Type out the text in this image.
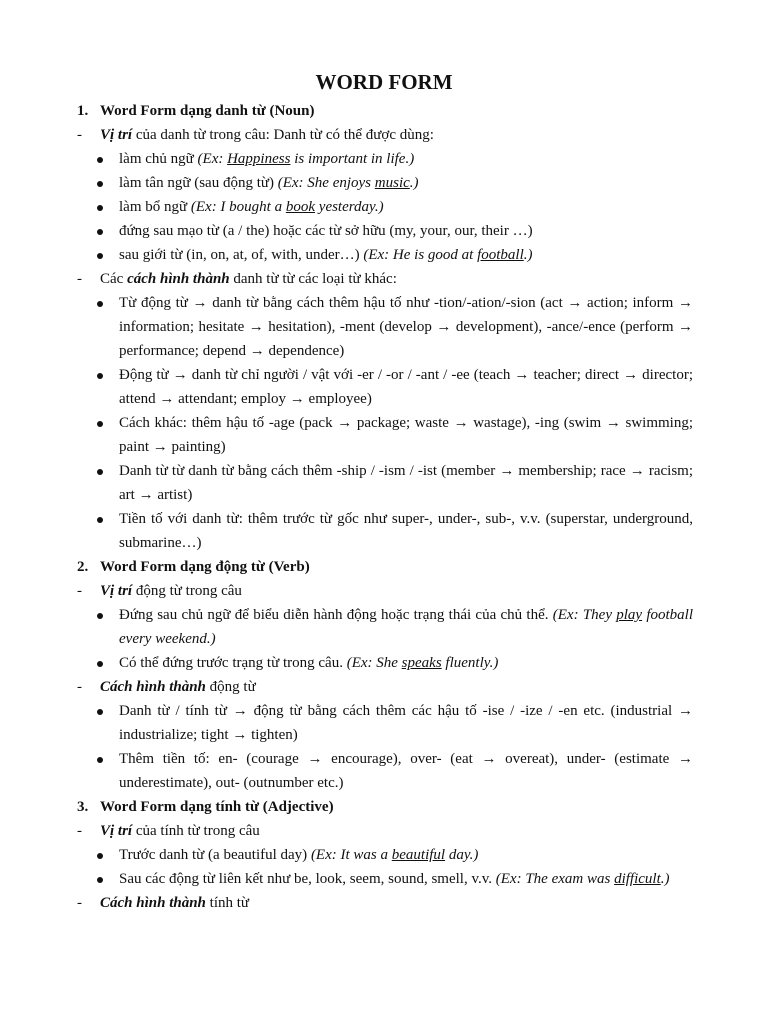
WORD FORM

1. Word Form dạng danh từ (Noun)

- Vị trí của danh từ trong câu: Danh từ có thể được dùng:

làm chủ ngữ (Ex: Happiness is important in life.)

làm tân ngữ (sau động từ) (Ex: She enjoys music.)

làm bổ ngữ (Ex: I bought a book yesterday.)

đứng sau mạo từ (a / the) hoặc các từ sở hữu (my, your, our, their …)

sau giới từ (in, on, at, of, with, under…) (Ex: He is good at football.)

- Các cách hình thành danh từ từ các loại từ khác:

Từ động từ → danh từ bằng cách thêm hậu tố như -tion/-ation/-sion (act → action; inform → information; hesitate → hesitation), -ment (develop → development), -ance/-ence (perform → performance; depend → dependence)

Động từ → danh từ chỉ người / vật với -er / -or / -ant / -ee (teach → teacher; direct → director; attend → attendant; employ → employee)

Cách khác: thêm hậu tố -age (pack → package; waste → wastage), -ing (swim → swimming; paint → painting)

Danh từ từ danh từ bằng cách thêm -ship / -ism / -ist (member → membership; race → racism; art → artist)

Tiền tố với danh từ: thêm trước từ gốc như super-, under-, sub-, v.v. (superstar, underground, submarine…)

2. Word Form dạng động từ (Verb)

- Vị trí động từ trong câu

Đứng sau chủ ngữ để biểu diễn hành động hoặc trạng thái của chủ thể. (Ex: They play football every weekend.)

Có thể đứng trước trạng từ trong câu. (Ex: She speaks fluently.)

- Cách hình thành động từ

Danh từ / tính từ → động từ bằng cách thêm các hậu tố -ise / -ize / -en etc. (industrial → industrialize; tight → tighten)

Thêm tiền tố: en- (courage → encourage), over- (eat → overeat), under- (estimate → underestimate), out- (outnumber etc.)

3. Word Form dạng tính từ (Adjective)

- Vị trí của tính từ trong câu

Trước danh từ (a beautiful day) (Ex: It was a beautiful day.)

Sau các động từ liên kết như be, look, seem, sound, smell, v.v. (Ex: The exam was difficult.)

- Cách hình thành tính từ
